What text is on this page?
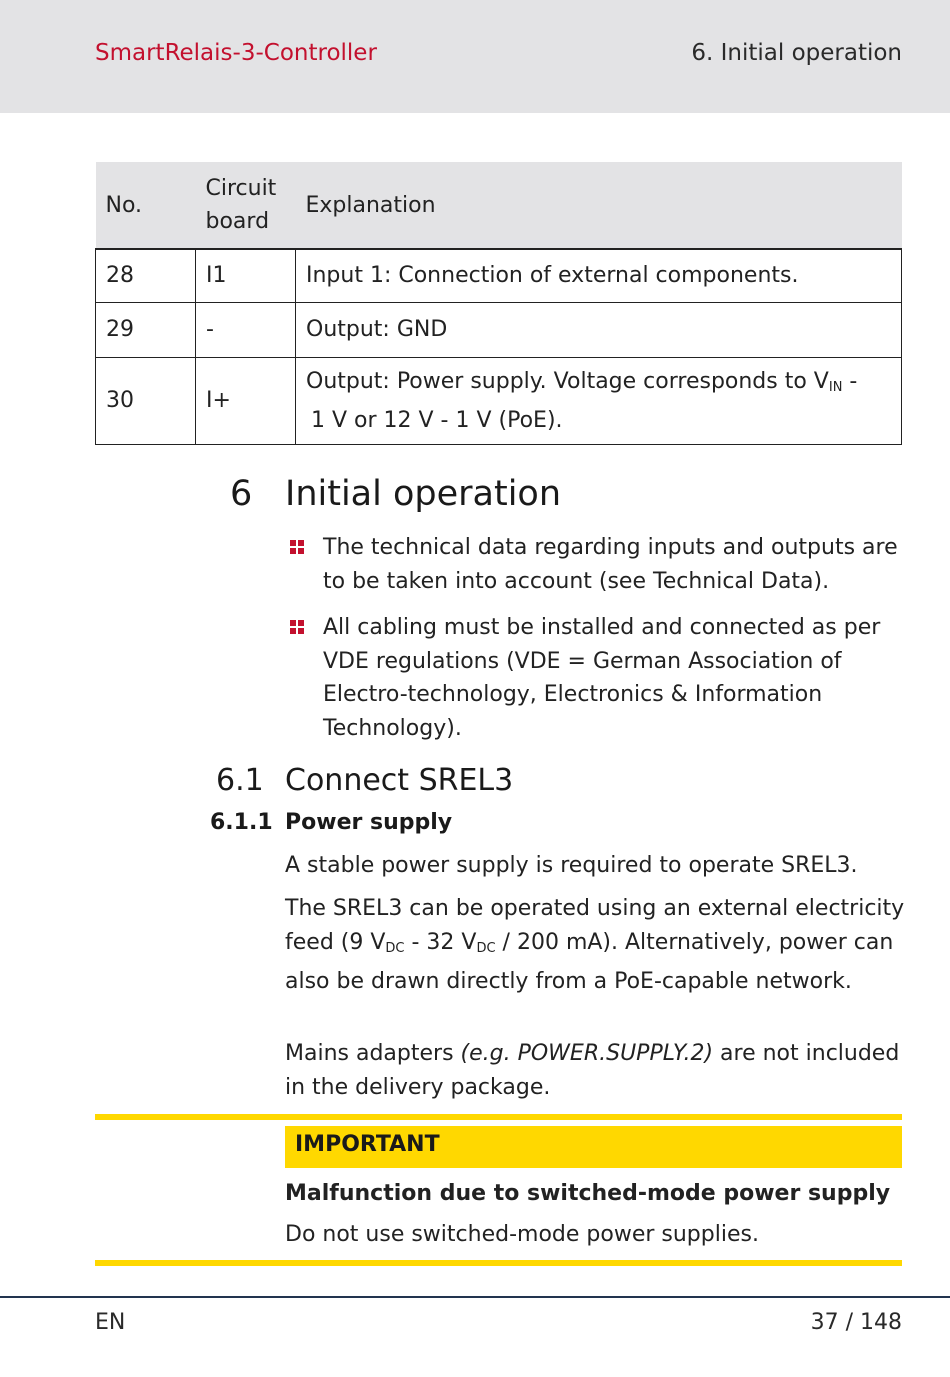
SmartRelais-3-Controller	6. Initial operation
No.	Circuit board	Explanation
28	I1	Input 1: Connection of external components.
29	-	Output: GND
30	I+	Output: Power supply. Voltage corresponds to $V_{IN}$ -
1 V or 12 V - 1 V (PoE).
6 Initial operation
The technical data regarding inputs and outputs are to be taken into account (see Technical Data).
All cabling must be installed and connected as per VDE regulations (VDE = German Association of Electro-technology, Electronics & Information Technology).
6.1 Connect SREL3
6.1.1 Power supply
A stable power supply is required to operate SREL3.
The SREL3 can be operated using an external electricity feed (9 $V_{DC} - 32$ $V_{DC} / 200$ mA). Alternatively, power can also be drawn directly from a PoE-capable network.
Mains adapters (e.g. POWER.SUPPLY.2) are not included in the delivery package.
IMPORTANT
Malfunction due to switched-mode power supply
Do not use switched-mode power supplies.
EN	37 / 148
